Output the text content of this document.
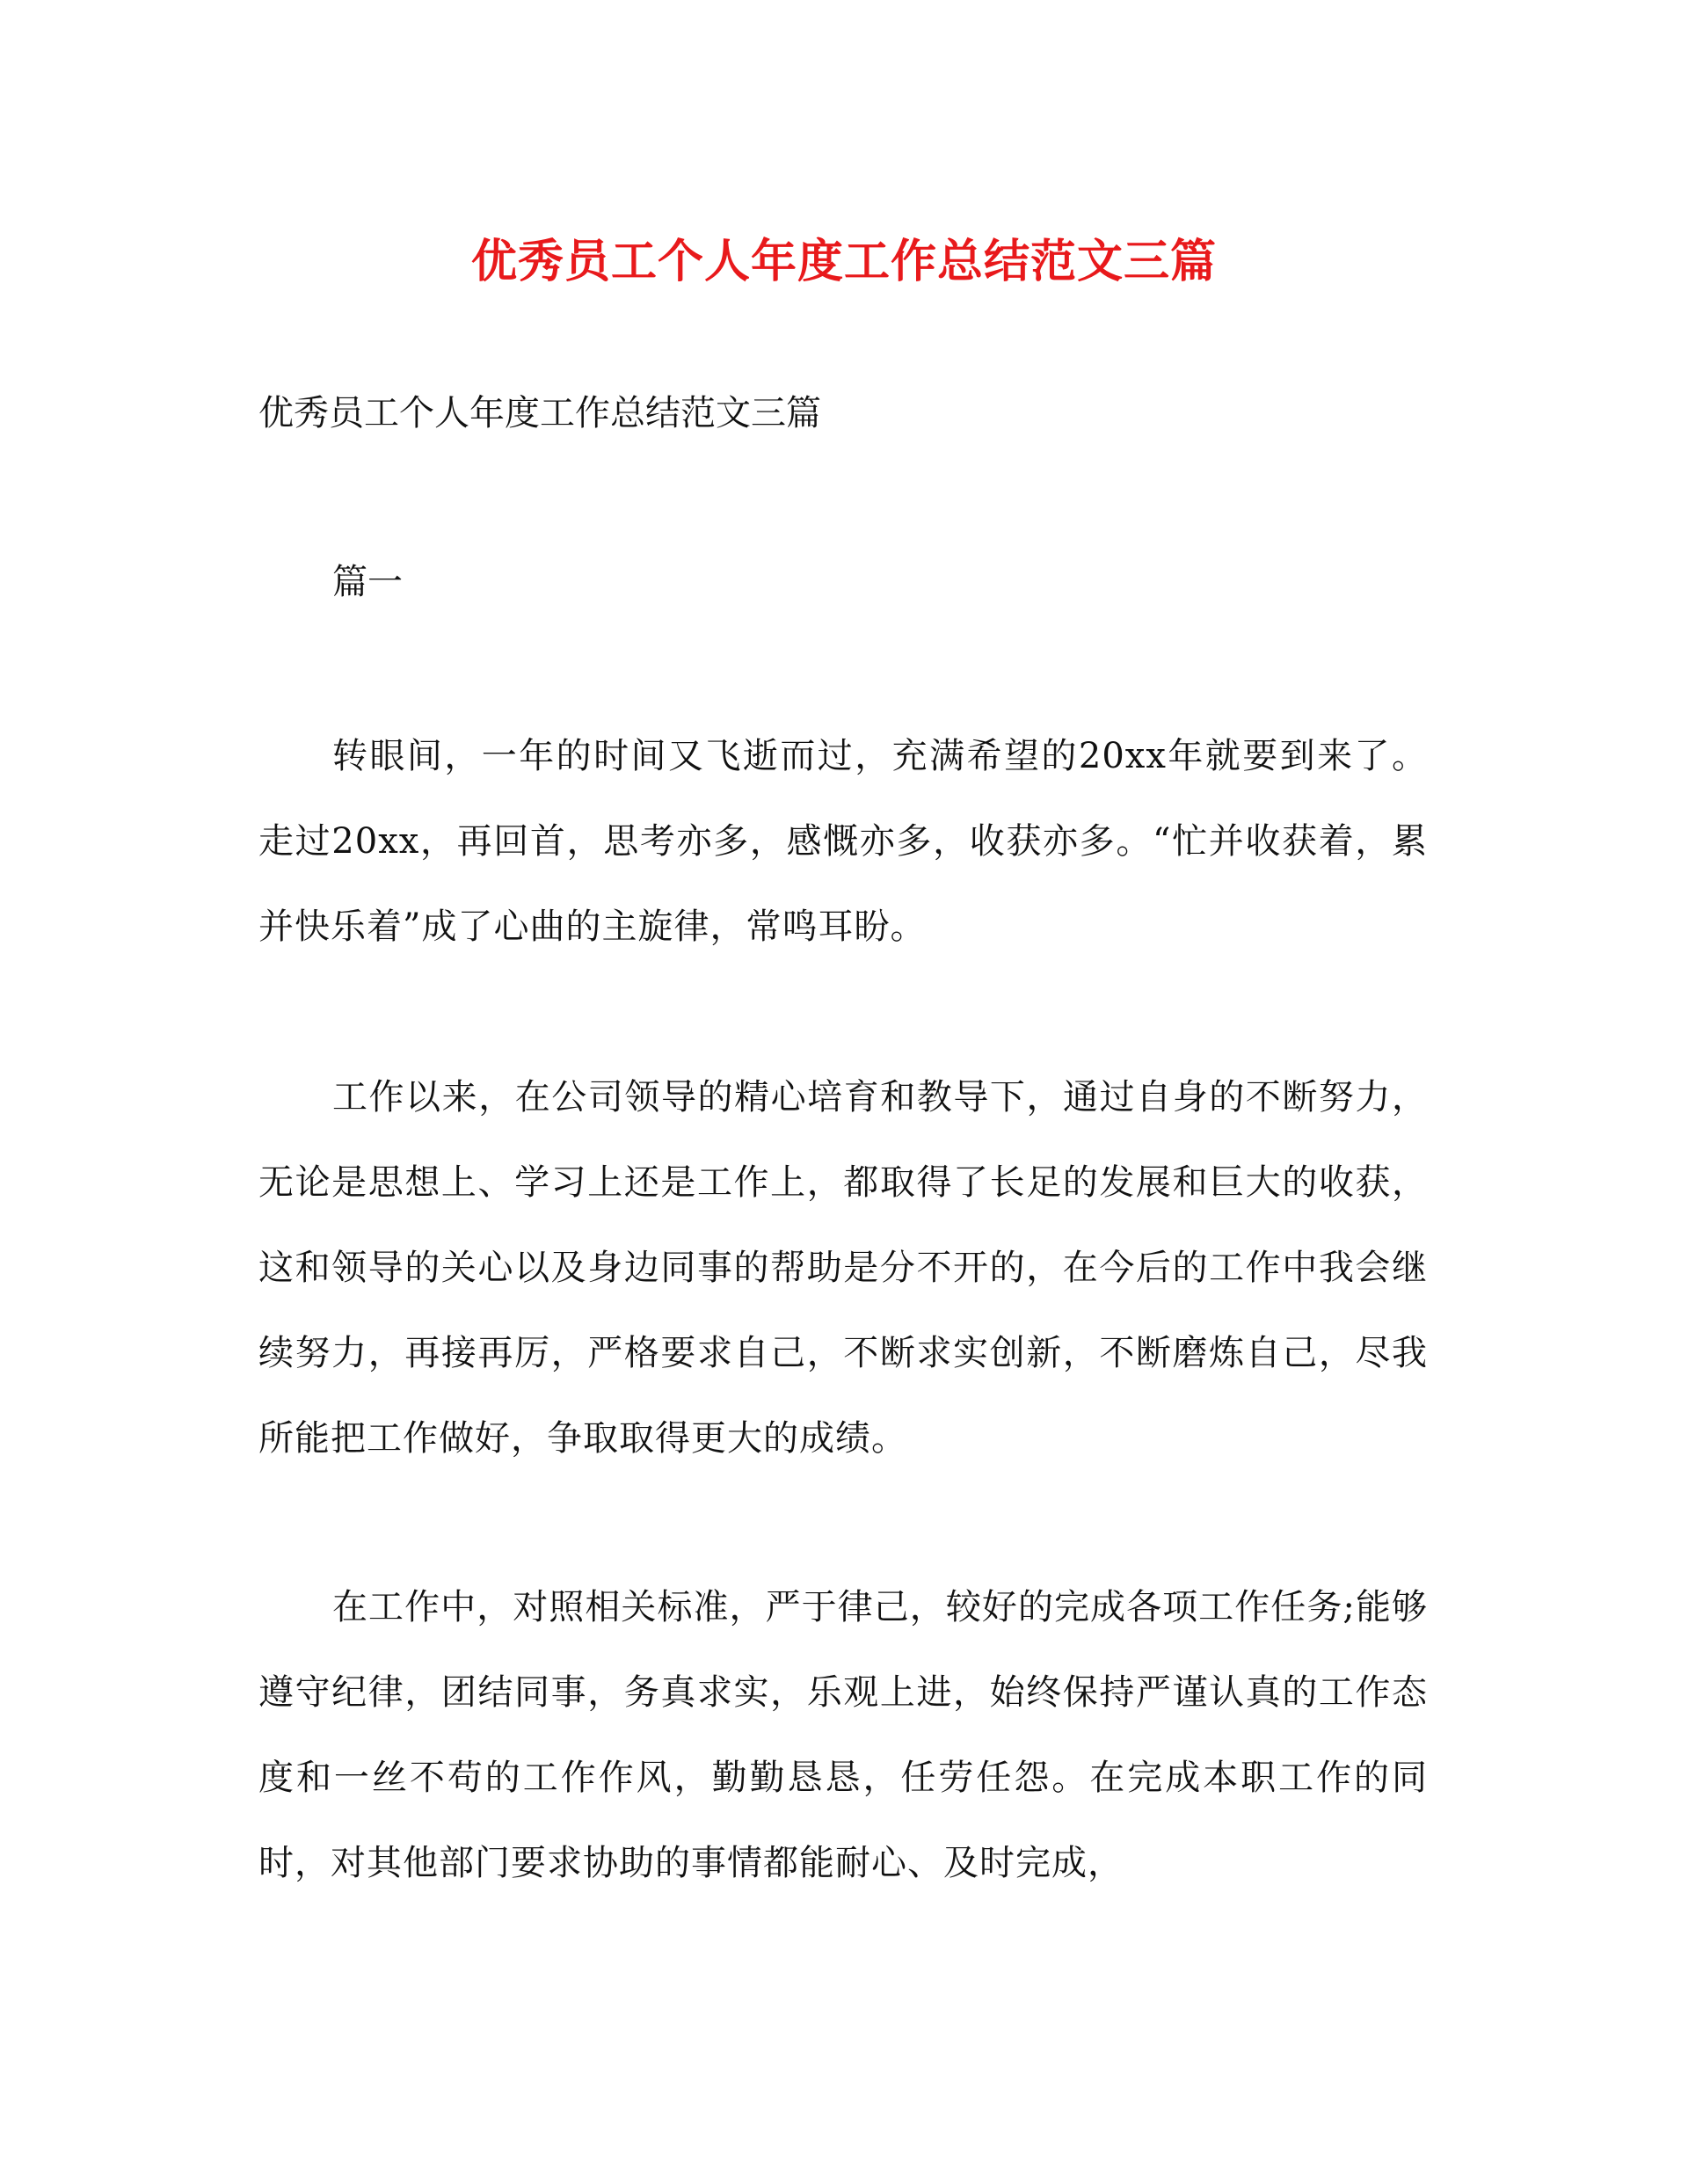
优秀员工个人年度工作总结范文三篇

优秀员工个人年度工作总结范文三篇

篇一

转眼间，一年的时间又飞逝而过，充满希望的20xx年就要到来了。走过20xx，再回首，思考亦多，感慨亦多，收获亦多。“忙并收获着，累并快乐着”成了心曲的主旋律，常鸣耳盼。

工作以来，在公司领导的精心培育和教导下，通过自身的不断努力，无论是思想上、学习上还是工作上，都取得了长足的发展和巨大的收获，这和领导的关心以及身边同事的帮助是分不开的，在今后的工作中我会继续努力，再接再厉，严格要求自己，不断求实创新，不断磨炼自己，尽我所能把工作做好，争取取得更大的成绩。

在工作中，对照相关标准，严于律己，较好的完成各项工作任务;能够遵守纪律，团结同事，务真求实，乐观上进，始终保持严谨认真的工作态度和一丝不苟的工作作风，勤勤恳恳，任劳任怨。在完成本职工作的同时，对其他部门要求协助的事情都能耐心、及时完成，
